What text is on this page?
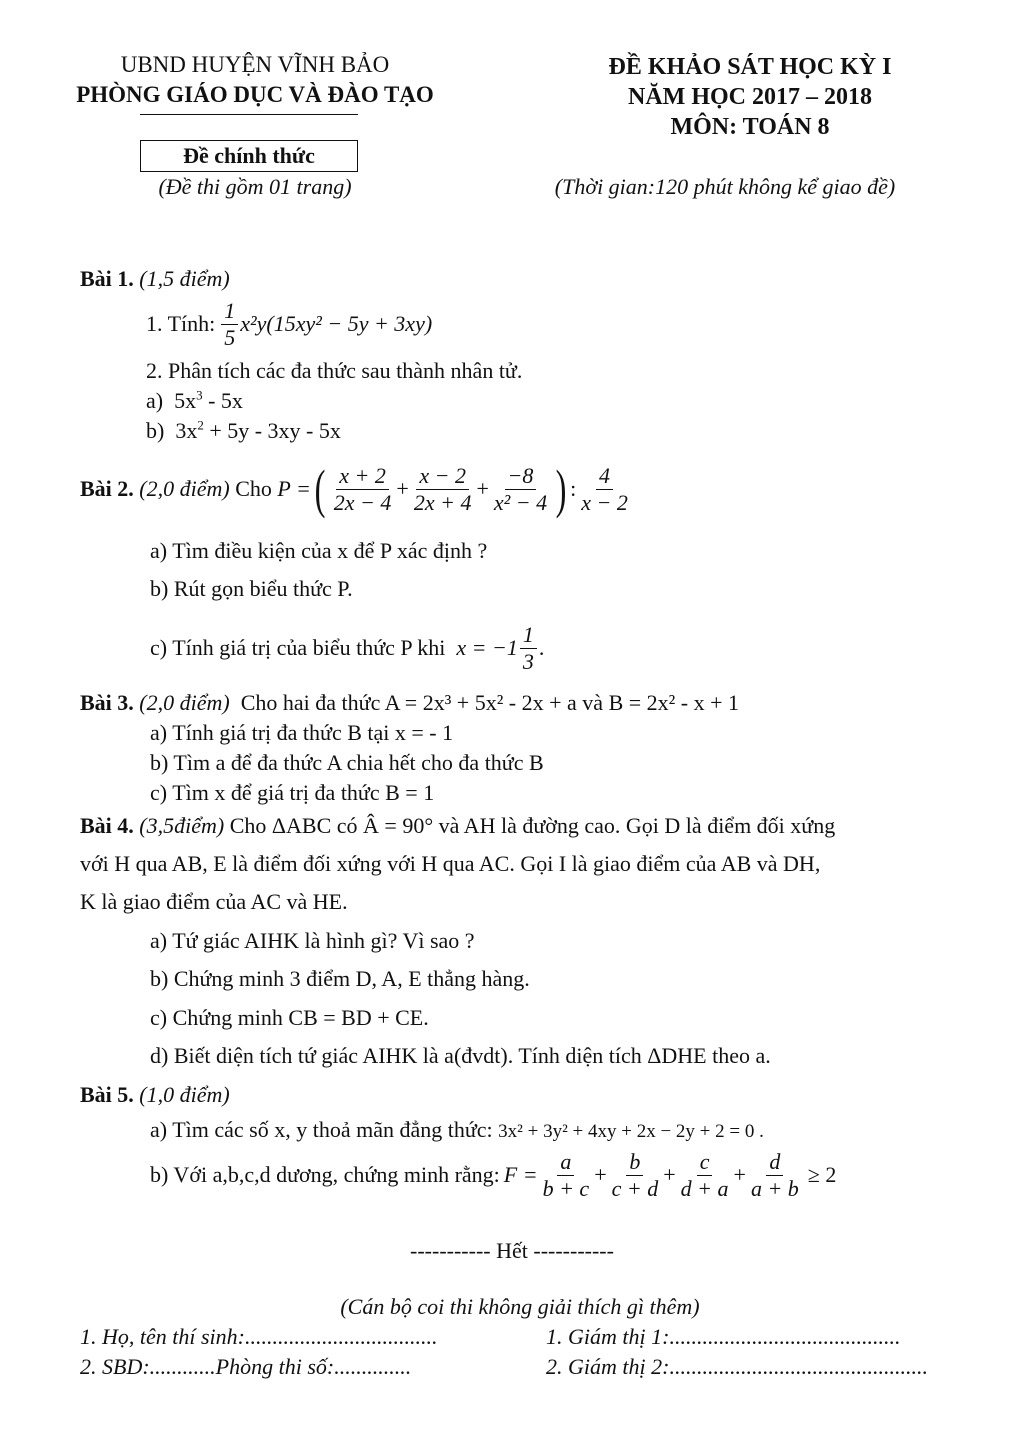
UBND HUYỆN VĨNH BẢO
PHÒNG GIÁO DỤC VÀ ĐÀO TẠO
Đề chính thức
(Đề thi gồm 01 trang)
ĐỀ KHẢO SÁT HỌC KỲ I
NĂM HỌC 2017 – 2018
MÔN: TOÁN 8
(Thời gian:120 phút không kể giao đề)
Bài 1. (1,5 điểm)
1. Tính: $\frac{1}{5} x^2y(15xy^2 - 5y + 3xy)$
2. Phân tích các đa thức sau thành nhân tử.
a) $5x^3 - 5x$
b) $3x^2 + 5y - 3xy - 5x$
Bài 2.
(2,0 điểm)
Cho
P = ( $\frac{x + 2}{2x - 4} + \frac{x - 2}{2x + 4} + \frac{-8}{\text{x² − 4}}$ ) : $\frac{4}{x - 2}$
a) Tìm điều kiện của x để P xác định ?
b) Rút gọn biểu thức P.
c) Tính giá trị của biểu thức P khi
$x = -1 \frac{1}{3}$ .
Bài 3. (2,0 điểm) Cho hai đa thức A = 2x³ + 5x² - 2x + a và B = 2x² - x + 1
a) Tính giá trị đa thức B tại x = - 1
b) Tìm a để đa thức A chia hết cho đa thức B
c) Tìm x để giá trị đa thức B = 1
Bài 4. (3,5điểm) Cho ΔABC có Â = 90° và AH là đường cao. Gọi D là điểm đối xứng
với H qua AB, E là điểm đối xứng với H qua AC. Gọi I là giao điểm của AB và DH,
K là giao điểm của AC và HE.
a) Tứ giác AIHK là hình gì? Vì sao ?
b) Chứng minh 3 điểm D, A, E thẳng hàng.
c) Chứng minh CB = BD + CE.
d) Biết diện tích tứ giác AIHK là a(đvdt). Tính diện tích ΔDHE theo a.
Bài 5. (1,0 điểm)
a) Tìm các số x, y thoả mãn đẳng thức: 3x² + 3y² + 4xy + 2x − 2y + 2 = 0 .
b) Với a,b,c,d dương, chứng minh rằng: $F = \frac{a}{b + c} + \frac{b}{c + d} + \frac{c}{d + a} + \frac{d}{a + b} \ge 2$
----------- Hết -----------
(Cán bộ coi thi không giải thích gì thêm)
1. Họ, tên thí sinh:...................................	1. Giám thị 1:..........................................
2. SBD:............Phòng thi số:..............	2. Giám thị 2:...............................................
